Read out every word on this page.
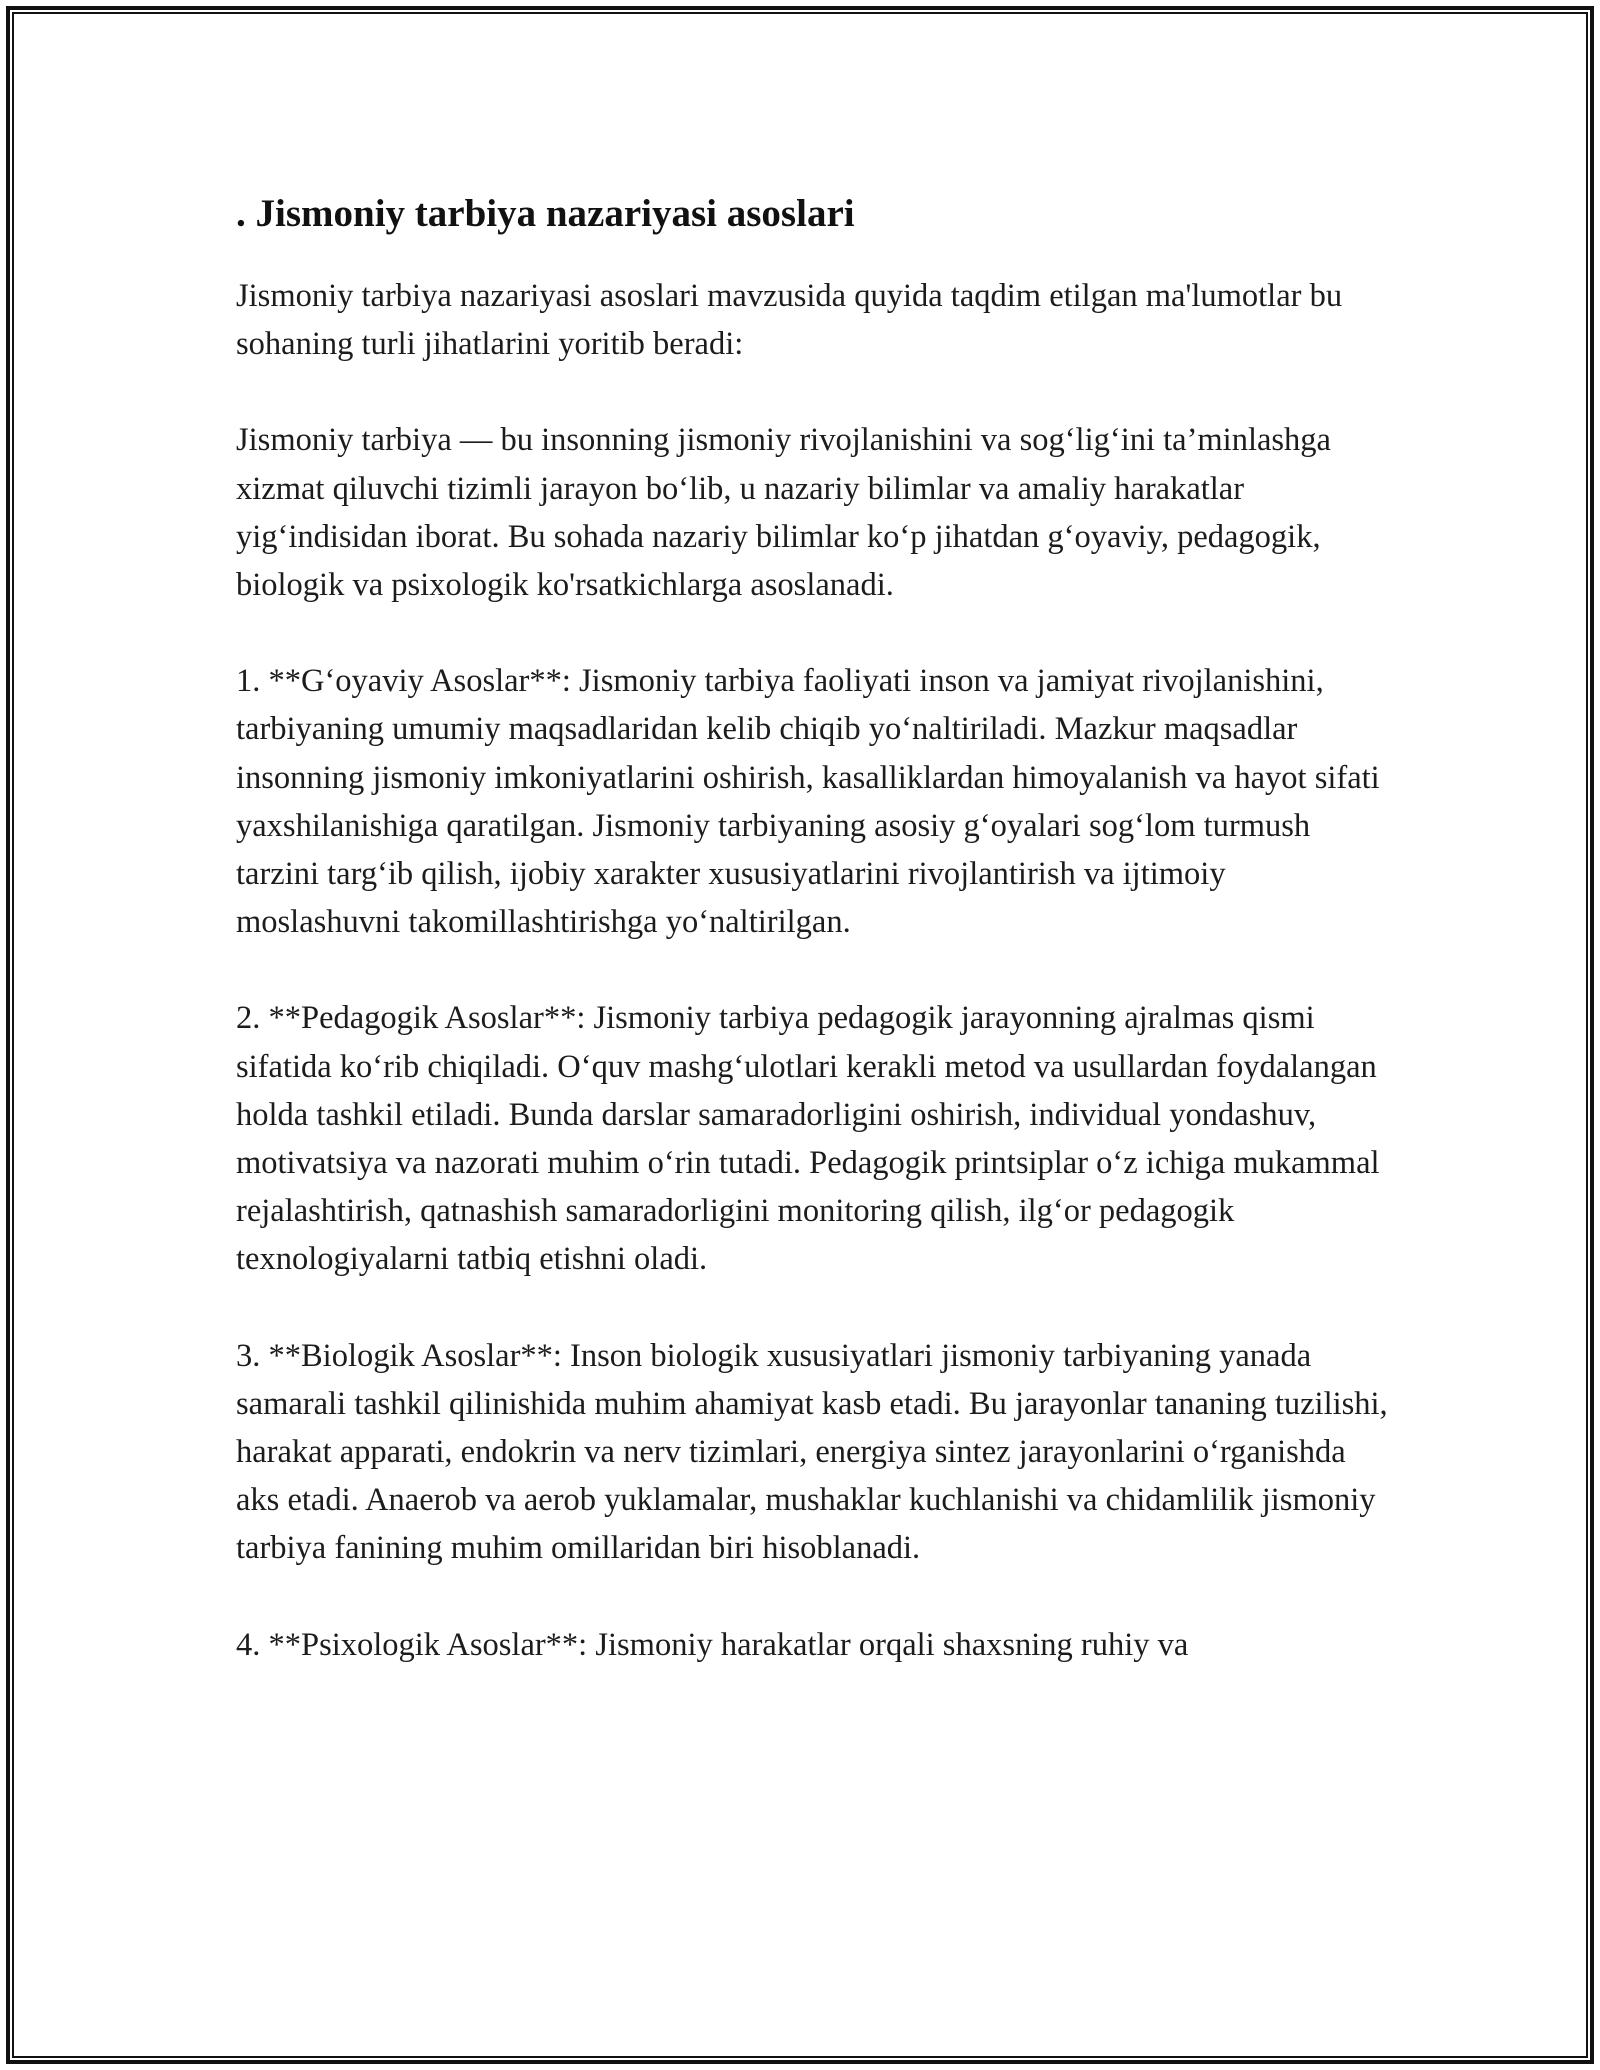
. Jismoniy tarbiya nazariyasi asoslari

Jismoniy tarbiya nazariyasi asoslari mavzusida quyida taqdim etilgan ma'lumotlar bu sohaning turli jihatlarini yoritib beradi:

Jismoniy tarbiya — bu insonning jismoniy rivojlanishini va sog‘lig‘ini ta’minlashga xizmat qiluvchi tizimli jarayon bo‘lib, u nazariy bilimlar va amaliy harakatlar yig‘indisidan iborat. Bu sohada nazariy bilimlar ko‘p jihatdan g‘oyaviy, pedagogik, biologik va psixologik ko'rsatkichlarga asoslanadi.

1. **G‘oyaviy Asoslar**: Jismoniy tarbiya faoliyati inson va jamiyat rivojlanishini, tarbiyaning umumiy maqsadlaridan kelib chiqib yo‘naltiriladi. Mazkur maqsadlar insonning jismoniy imkoniyatlarini oshirish, kasalliklardan himoyalanish va hayot sifati yaxshilanishiga qaratilgan. Jismoniy tarbiyaning asosiy g‘oyalari sog‘lom turmush tarzini targ‘ib qilish, ijobiy xarakter xususiyatlarini rivojlantirish va ijtimoiy moslashuvni takomillashtirishga yo‘naltirilgan.

2. **Pedagogik Asoslar**: Jismoniy tarbiya pedagogik jarayonning ajralmas qismi sifatida ko‘rib chiqiladi. O‘quv mashg‘ulotlari kerakli metod va usullardan foydalangan holda tashkil etiladi. Bunda darslar samaradorligini oshirish, individual yondashuv, motivatsiya va nazorati muhim o‘rin tutadi. Pedagogik printsiplar o‘z ichiga mukammal rejalashtirish, qatnashish samaradorligini monitoring qilish, ilg‘or pedagogik texnologiyalarni tatbiq etishni oladi.

3. **Biologik Asoslar**: Inson biologik xususiyatlari jismoniy tarbiyaning yanada samarali tashkil qilinishida muhim ahamiyat kasb etadi. Bu jarayonlar tananing tuzilishi, harakat apparati, endokrin va nerv tizimlari, energiya sintez jarayonlarini o‘rganishda aks etadi. Anaerob va aerob yuklamalar, mushaklar kuchlanishi va chidamlilik jismoniy tarbiya fanining muhim omillaridan biri hisoblanadi.

4. **Psixologik Asoslar**: Jismoniy harakatlar orqali shaxsning ruhiy va
